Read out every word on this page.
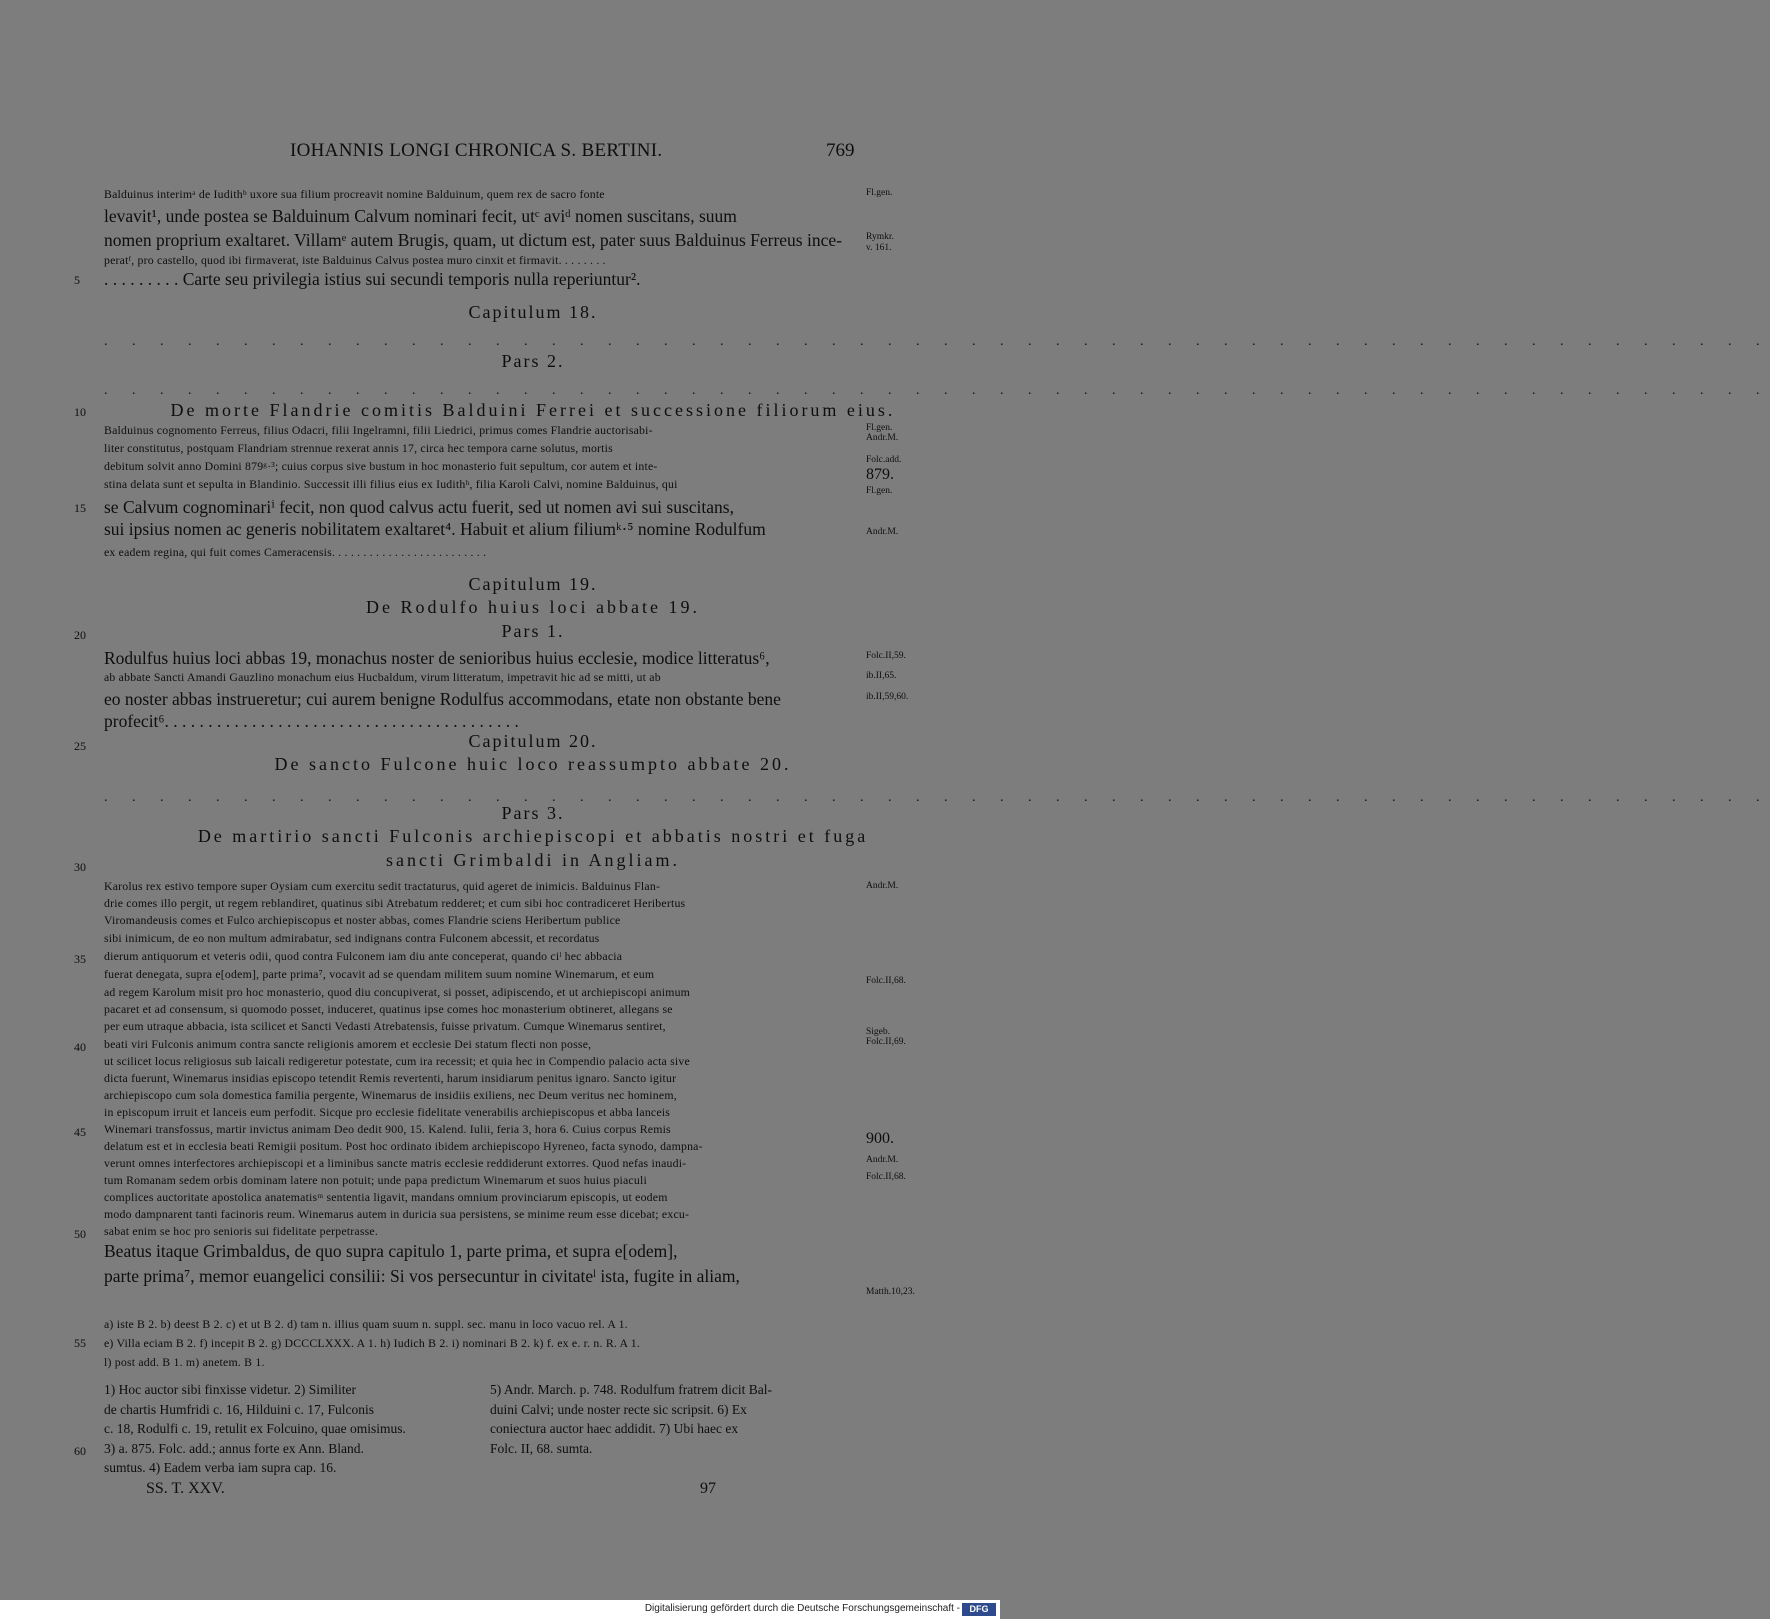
IOHANNIS LONGI CHRONICA S. BERTINI.	769
Balduinus interimᵃ de Iudithᵇ uxore sua filium procreavit nomine Balduinum, quem rex de sacro fonte
levavit¹, unde postea se Balduinum Calvum nominari fecit, utᶜ aviᵈ nomen suscitans, suum
nomen proprium exaltaret. Villamᵉ autem Brugis, quam, ut dictum est, pater suus Balduinus Ferreus ince-
peratᶠ, pro castello, quod ibi firmaverat, iste Balduinus Calvus postea muro cinxit et firmavit. . . . . . . .
. . . . . . . . . Carte seu privilegia istius sui secundi temporis nulla reperiuntur².
Balduinus cognomento Ferreus, filius Odacri, filii Ingelramni, filii Liedrici, primus comes Flandrie auctorisabi-
liter constitutus, postquam Flandriam strennue rexerat annis 17, circa hec tempora carne solutus, mortis
debitum solvit anno Domini 879ᵍ·³; cuius corpus sive bustum in hoc monasterio fuit sepultum, cor autem et inte-
stina delata sunt et sepulta in Blandinio. Successit illi filius eius ex Iudithʰ, filia Karoli Calvi, nomine Balduinus, qui
se Calvum cognominariⁱ fecit, non quod calvus actu fuerit, sed ut nomen avi sui suscitans,
sui ipsius nomen ac generis nobilitatem exaltaret⁴. Habuit et alium filiumᵏ·⁵ nomine Rodulfum
ex eadem regina, qui fuit comes Cameracensis. . . . . . . . . . . . . . . . . . . . . . . . .
Rodulfus huius loci abbas 19, monachus noster de senioribus huius ecclesie, modice litteratus⁶,
ab abbate Sancti Amandi Gauzlino monachum eius Hucbaldum, virum litteratum, impetravit hic ad se mitti, ut ab
eo noster abbas instrueretur; cui aurem benigne Rodulfus accommodans, etate non obstante bene
profecit⁶. . . . . . . . . . . . . . . . . . . . . . . . . . . . . . . . . . . . . . . . .
Karolus rex estivo tempore super Oysiam cum exercitu sedit tractaturus, quid ageret de inimicis. Balduinus Flan-
drie comes illo pergit, ut regem reblandiret, quatinus sibi Atrebatum redderet; et cum sibi hoc contradiceret Heribertus
Viromandeusis comes et Fulco archiepiscopus et noster abbas, comes Flandrie sciens Heribertum publice
sibi inimicum, de eo non multum admirabatur, sed indignans contra Fulconem abcessit, et recordatus
dierum antiquorum et veteris odii, quod contra Fulconem iam diu ante conceperat, quando ciˡ hec abbacia
fuerat denegata, supra e[odem], parte prima⁷, vocavit ad se quendam militem suum nomine Winemarum, et eum
ad regem Karolum misit pro hoc monasterio, quod diu concupiverat, si posset, adipiscendo, et ut archiepiscopi animum
pacaret et ad consensum, si quomodo posset, induceret, quatinus ipse comes hoc monasterium obtineret, allegans se
per eum utraque abbacia, ista scilicet et Sancti Vedasti Atrebatensis, fuisse privatum. Cumque Winemarus sentiret,
beati viri Fulconis animum contra sancte religionis amorem et ecclesie Dei statum flecti non posse,
ut scilicet locus religiosus sub laicali redigeretur potestate, cum ira recessit; et quia hec in Compendio palacio acta sive
dicta fuerunt, Winemarus insidias episcopo tetendit Remis revertenti, harum insidiarum penitus ignaro. Sancto igitur
archiepiscopo cum sola domestica familia pergente, Winemarus de insidiis exiliens, nec Deum veritus nec hominem,
in episcopum irruit et lanceis eum perfodit. Sicque pro ecclesie fidelitate venerabilis archiepiscopus et abba lanceis
Winemari transfossus, martir invictus animam Deo dedit 900, 15. Kalend. Iulii, feria 3, hora 6. Cuius corpus Remis
delatum est et in ecclesia beati Remigii positum. Post hoc ordinato ibidem archiepiscopo Hyreneo, facta synodo, dampna-
verunt omnes interfectores archiepiscopi et a liminibus sancte matris ecclesie reddiderunt extorres. Quod nefas inaudi-
tum Romanam sedem orbis dominam latere non potuit; unde papa predictum Winemarum et suos huius piaculi
complices auctoritate apostolica anatematisᵐ sententia ligavit, mandans omnium provinciarum episcopis, ut eodem
modo dampnarent tanti facinoris reum. Winemarus autem in duricia sua persistens, se minime reum esse dicebat; excu-
sabat enim se hoc pro senioris sui fidelitate perpetrasse.
Beatus itaque Grimbaldus, de quo supra capitulo 1, parte prima, et supra e[odem],
parte prima⁷, memor euangelici consilii: Si vos persecuntur in civitateˡ ista, fugite in aliam,
Capitulum 18.
Pars 2.
De morte Flandrie comitis Balduini Ferrei et successione filiorum eius.
Capitulum 19.
De Rodulfo huius loci abbate 19.
Pars 1.
Capitulum 20.
De sancto Fulcone huic loco reassumpto abbate 20.
Pars 3.
De martirio sancti Fulconis archiepiscopi et abbatis nostri et fuga
sancti Grimbaldi in Angliam.
. . . . . . . . . . . . . . . . . . . . . . . . . . . . . . . . . . . . . . . . . . . . . . . . . . . . . . . . . . . .
. . . . . . . . . . . . . . . . . . . . . . . . . . . . . . . . . . . . . . . . . . . . . . . . . . . . . . . . . . . .
. . . . . . . . . . . . . . . . . . . . . . . . . . . . . . . . . . . . . . . . . . . . . . . . . . . . . . . . . . . .
5
10
15
20
25
30
35
40
45
50
55
60
Fl.gen.
Rymkr.
v. 161.
Fl.gen.
Andr.M.
Folc.add.
879.
Fl.gen.
Andr.M.
Folc.II,59.
ib.II,65.
ib.II,59,60.
Andr.M.
Folc.II,68.
Sigeb.
Folc.II,69.
900.
Andr.M.
Folc.II,68.
Matth.10,23.
a) iste B 2. b) deest B 2. c) et ut B 2. d) tam n. illius quam suum n. suppl. sec. manu in loco vacuo rel. A 1.
e) Villa eciam B 2. f) incepit B 2. g) DCCCLXXX. A 1. h) Iudich B 2. i) nominari B 2. k) f. ex e. r. n. R. A 1.
l) post add. B 1. m) anetem. B 1.
1) Hoc auctor sibi finxisse videtur. 2) Similiter
de chartis Humfridi c. 16, Hilduini c. 17, Fulconis
c. 18, Rodulfi c. 19, retulit ex Folcuino, quae omisimus.
3) a. 875. Folc. add.; annus forte ex Ann. Bland.
sumtus. 4) Eadem verba iam supra cap. 16.
5) Andr. March. p. 748. Rodulfum fratrem dicit Bal-
duini Calvi; unde noster recte sic scripsit. 6) Ex
coniectura auctor haec addidit. 7) Ubi haec ex
Folc. II, 68. sumta.
SS. T. XXV.	97
Digitalisierung gefördert durch die Deutsche Forschungsgemeinschaft -	DFG
